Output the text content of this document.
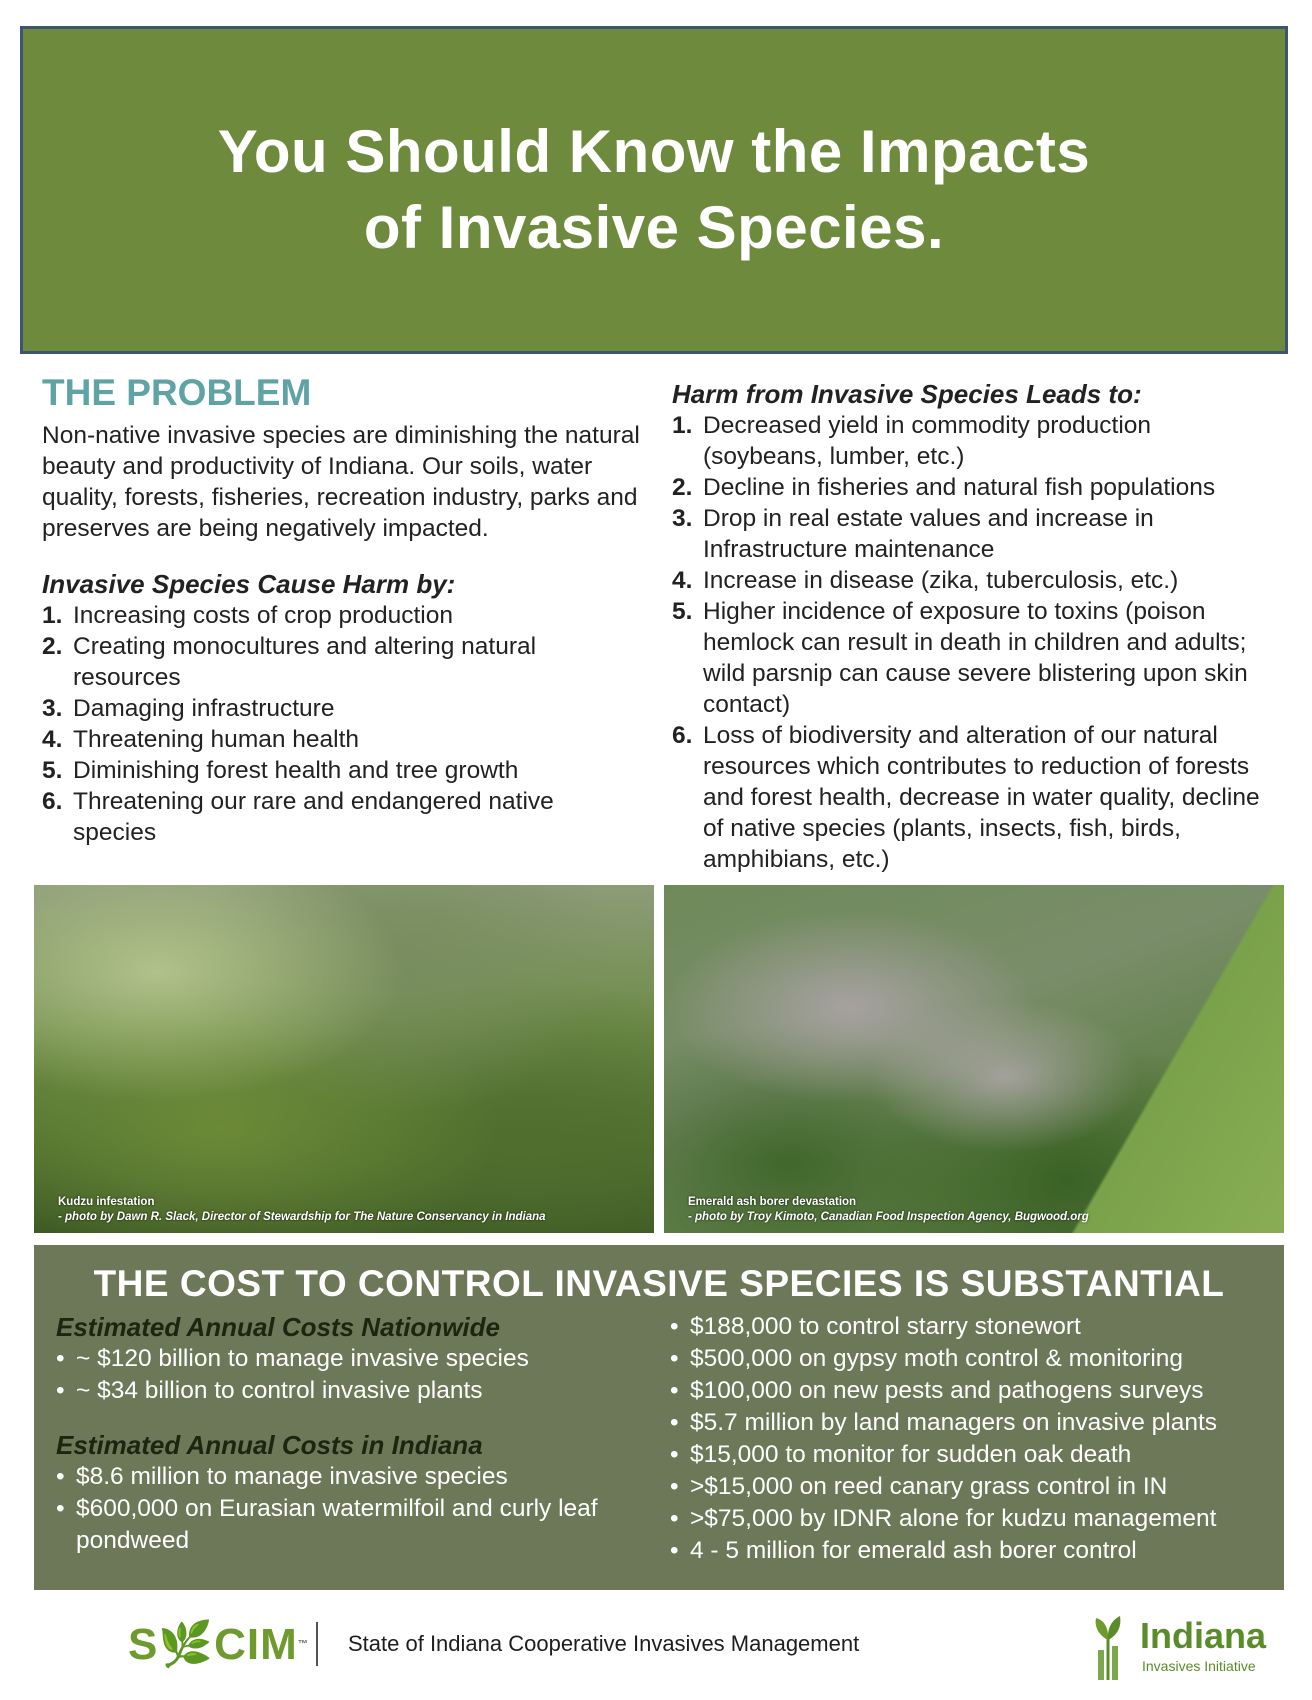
You Should Know the Impacts
of Invasive Species.
THE PROBLEM

Non-native invasive species are diminishing the natural beauty and productivity of Indiana. Our soils, water quality, forests, fisheries, recreation industry, parks and preserves are being negatively impacted.

Invasive Species Cause Harm by:
1. Increasing costs of crop production
2. Creating monocultures and altering natural resources
3. Damaging infrastructure
4. Threatening human health
5. Diminishing forest health and tree growth
6. Threatening our rare and endangered native species
Harm from Invasive Species Leads to:
1. Decreased yield in commodity production (soybeans, lumber, etc.)
2. Decline in fisheries and natural fish populations
3. Drop in real estate values and increase in Infrastructure maintenance
4. Increase in disease (zika, tuberculosis, etc.)
5. Higher incidence of exposure to toxins (poison hemlock can result in death in children and adults; wild parsnip can cause severe blistering upon skin contact)
6. Loss of biodiversity and alteration of our natural resources which contributes to reduction of forests and forest health, decrease in water quality, decline of native species (plants, insects, fish, birds, amphibians, etc.)
Kudzu infestation
- photo by Dawn R. Slack, Director of Stewardship for The Nature Conservancy in Indiana
Emerald ash borer devastation
- photo by Troy Kimoto, Canadian Food Inspection Agency, Bugwood.org
THE COST TO CONTROL INVASIVE SPECIES IS SUBSTANTIAL
Estimated Annual Costs Nationwide
• ~ $120 billion to manage invasive species
• ~ $34 billion to control invasive plants
Estimated Annual Costs in Indiana
• $8.6 million to manage invasive species
• $600,000 on Eurasian watermilfoil and curly leaf pondweed
• $188,000 to control starry stonewort
• $500,000 on gypsy moth control & monitoring
• $100,000 on new pests and pathogens surveys
• $5.7 million by land managers on invasive plants
• $15,000 to monitor for sudden oak death
• >$15,000 on reed canary grass control in IN
• >$75,000 by IDNR alone for kudzu management
• 4 - 5 million for emerald ash borer control
S🌿CIM™ State of Indiana Cooperative Invasives Management	Indiana
Invasives Initiative
